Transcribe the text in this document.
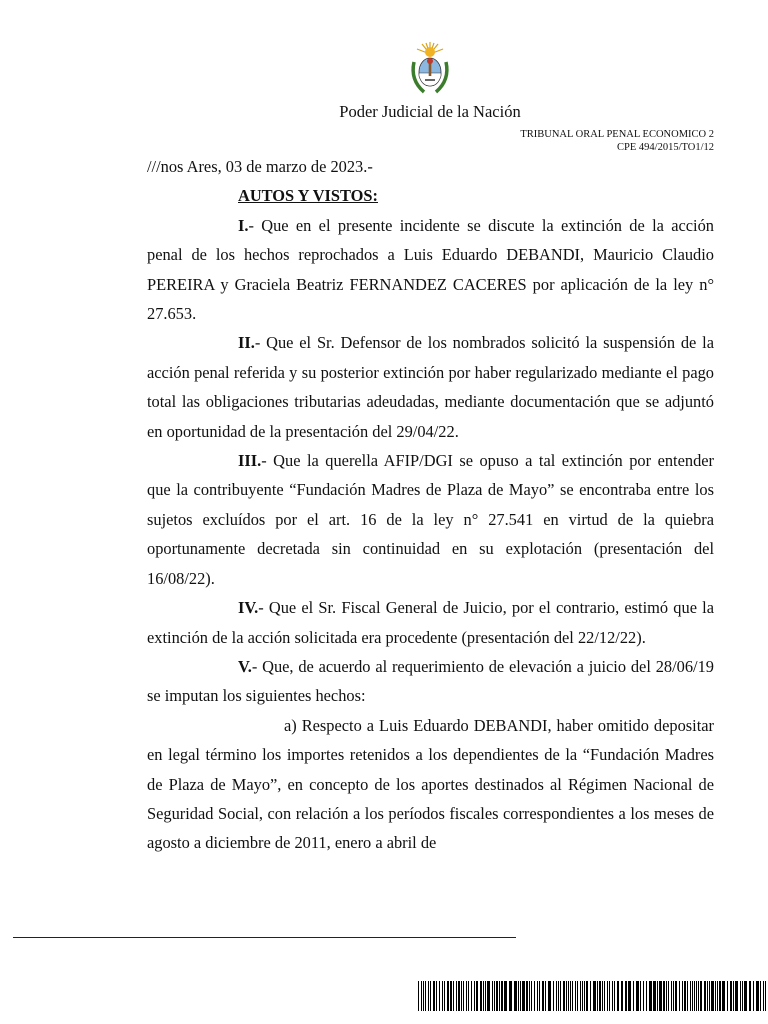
Poder Judicial de la Nación
TRIBUNAL ORAL PENAL ECONOMICO 2
CPE 494/2015/TO1/12

///nos Ares, 03 de marzo de 2023.-

AUTOS Y VISTOS:

I.- Que en el presente incidente se discute la extinción de la acción penal de los hechos reprochados a Luis Eduardo DEBANDI, Mauricio Claudio PEREIRA y Graciela Beatriz FERNANDEZ CACERES por aplicación de la ley n° 27.653.

II.- Que el Sr. Defensor de los nombrados solicitó la suspensión de la acción penal referida y su posterior extinción por haber regularizado mediante el pago total las obligaciones tributarias adeudadas, mediante documentación que se adjuntó en oportunidad de la presentación del 29/04/22.

III.- Que la querella AFIP/DGI se opuso a tal extinción por entender que la contribuyente “Fundación Madres de Plaza de Mayo” se encontraba entre los sujetos excluídos por el art. 16 de la ley n° 27.541 en virtud de la quiebra oportunamente decretada sin continuidad en su explotación (presentación del 16/08/22).

IV.- Que el Sr. Fiscal General de Juicio, por el contrario, estimó que la extinción de la acción solicitada era procedente (presentación del 22/12/22).

V.- Que, de acuerdo al requerimiento de elevación a juicio del 28/06/19 se imputan los siguientes hechos:

a) Respecto a Luis Eduardo DEBANDI, haber omitido depositar en legal término los importes retenidos a los dependientes de la “Fundación Madres de Plaza de Mayo”, en concepto de los aportes destinados al Régimen Nacional de Seguridad Social, con relación a los períodos fiscales correspondientes a los meses de agosto a diciembre de 2011, enero a abril de
